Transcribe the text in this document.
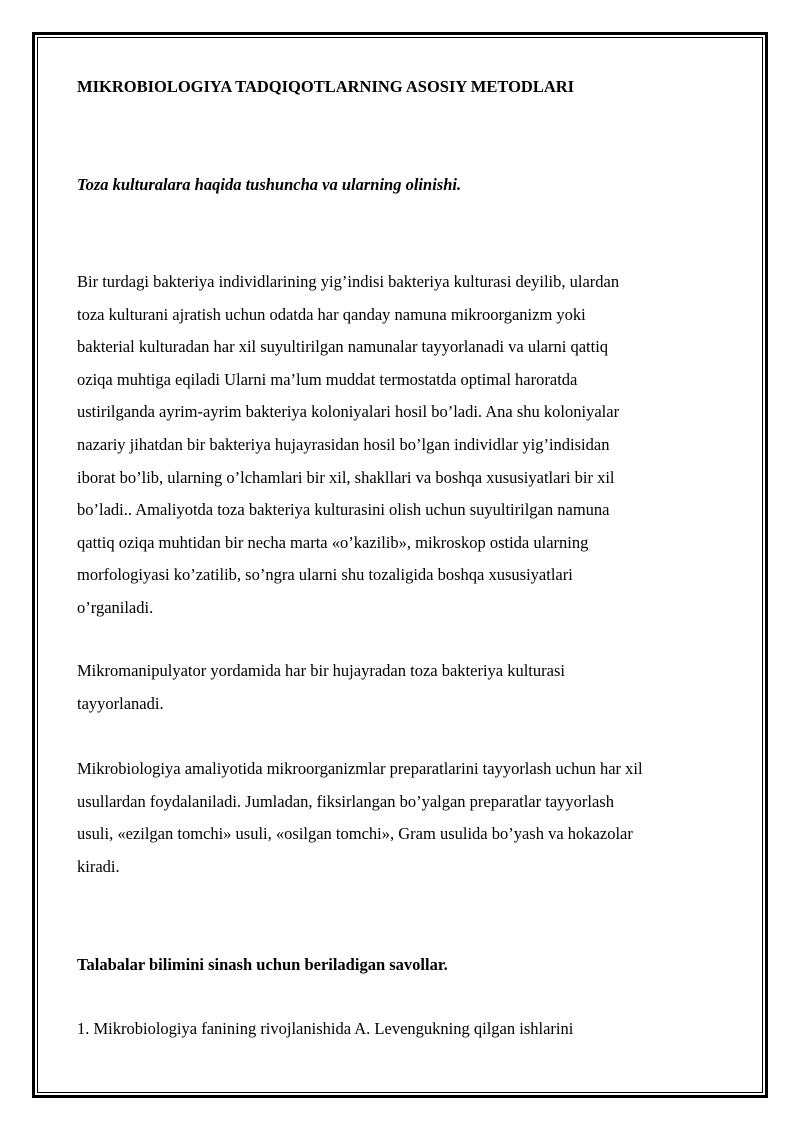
MIKROBIOLOGIYA TADQIQOTLARNING ASOSIY METODLARI
Toza kulturalara haqida tushuncha va ularning olinishi.

Bir turdagi bakteriya individlarining yig’indisi bakteriya kulturasi deyilib, ulardan
toza kulturani ajratish uchun odatda har qanday namuna mikroorganizm yoki
bakterial kulturadan har xil suyultirilgan namunalar tayyorlanadi va ularni qattiq
oziqa muhtiga eqiladi Ularni ma’lum muddat termostatda optimal haroratda
ustirilganda ayrim-ayrim bakteriya koloniyalari hosil bo’ladi. Ana shu koloniyalar
nazariy jihatdan bir bakteriya hujayrasidan hosil bo’lgan individlar yig’indisidan
iborat bo’lib, ularning o’lchamlari bir xil, shakllari va boshqa xususiyatlari bir xil
bo’ladi.. Amaliyotda toza bakteriya kulturasini olish uchun suyultirilgan namuna
qattiq oziqa muhtidan bir necha marta «o’kazilib», mikroskop ostida ularning
morfologiyasi ko’zatilib, so’ngra ularni shu tozaligida boshqa xususiyatlari
o’rganiladi.

Mikromanipulyator yordamida har bir hujayradan toza bakteriya kulturasi
tayyorlanadi.

Mikrobiologiya amaliyotida mikroorganizmlar preparatlarini tayyorlash uchun har xil
usullardan foydalaniladi. Jumladan, fiksirlangan bo’yalgan preparatlar tayyorlash
usuli, «ezilgan tomchi» usuli, «osilgan tomchi», Gram usulida bo’yash va hokazolar
kiradi.

Talabalar bilimini sinash uchun beriladigan savollar.

1. Mikrobiologiya fanining rivojlanishida A. Levengukning qilgan ishlarini
